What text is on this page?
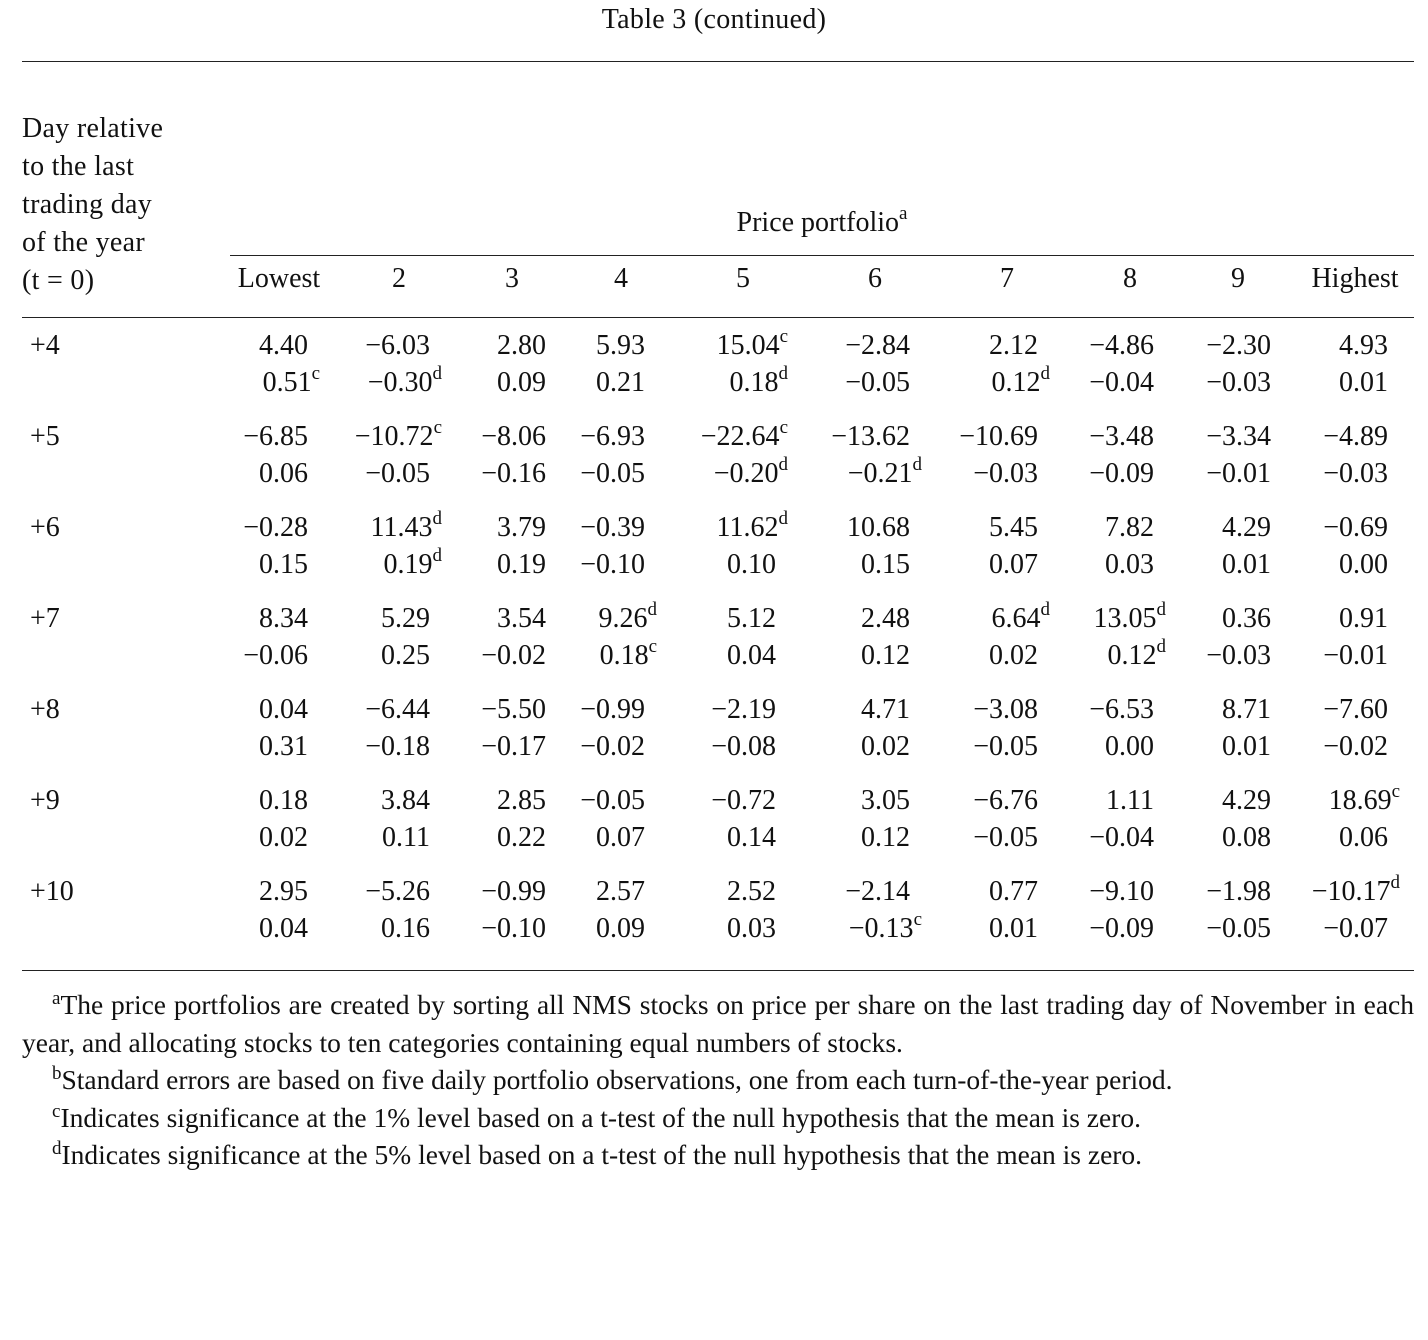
Table 3 (continued)
Day relative
to the last
trading day
of the year
(t = 0)
Price portfolio$^a$
Lowest	2	3	4	5	6	7	8	9 Highest
+4	4.40	−6.03	2.80	5.93	15.04$^c$ −2.84	2.12	−4.86	−2.30	4.93
0.51$^c$ −0.30$^d$ 0.09	0.21	0.18$^d$ −0.05	0.12$^d$ −0.04	−0.03	0.01
+5	−6.85	−10.72$^c$ −8.06	−6.93	−22.64$^c$ −13.62	−10.69	−3.48	−3.34	−4.89
0.06	−0.05	−0.16	−0.05	−0.20$^d$ −0.21$^d$ −0.03	−0.09	−0.01	−0.03
+6	−0.28	11.43$^d$ 3.79	−0.39	11.62$^d$ 10.68	5.45	7.82	4.29	−0.69
0.15	0.19$^d$ 0.19	−0.10	0.10	0.15	0.07	0.03	0.01	0.00
+7	8.34	5.29	3.54	9.26$^d$	5.12	2.48	6.64$^d$ 13.05$^d$ 0.36	0.91
−0.06	0.25	−0.02	0.18$^c$	0.04	0.12	0.02	0.12$^d$ −0.03	−0.01
+8	0.04	−6.44	−5.50	−0.99	−2.19	4.71	−3.08	−6.53	8.71	−7.60
0.31	−0.18	−0.17	−0.02	−0.08	0.02	−0.05	0.00	0.01	−0.02
+9	0.18	3.84	2.85	−0.05	−0.72	3.05	−6.76	1.11	4.29	18.69$^c$
0.02	0.11	0.22	0.07	0.14	0.12	−0.05	−0.04	0.08	0.06
+10	2.95	−5.26	−0.99	2.57	2.52	−2.14	0.77	−9.10	−1.98	−10.17$^d$
0.04	0.16	−0.10	0.09	0.03	−0.13$^c$ 0.01	−0.09	−0.05	−0.07
$^a$The price portfolios are created by sorting all NMS stocks on price per share on the last trading day of November in each year, and allocating stocks to ten categories containing equal numbers of stocks.
$^b$Standard errors are based on five daily portfolio observations, one from each turn-of-the-year period.
$^c$Indicates significance at the 1% level based on a t-test of the null hypothesis that the mean is zero.
$^d$Indicates significance at the 5% level based on a t-test of the null hypothesis that the mean is zero.
